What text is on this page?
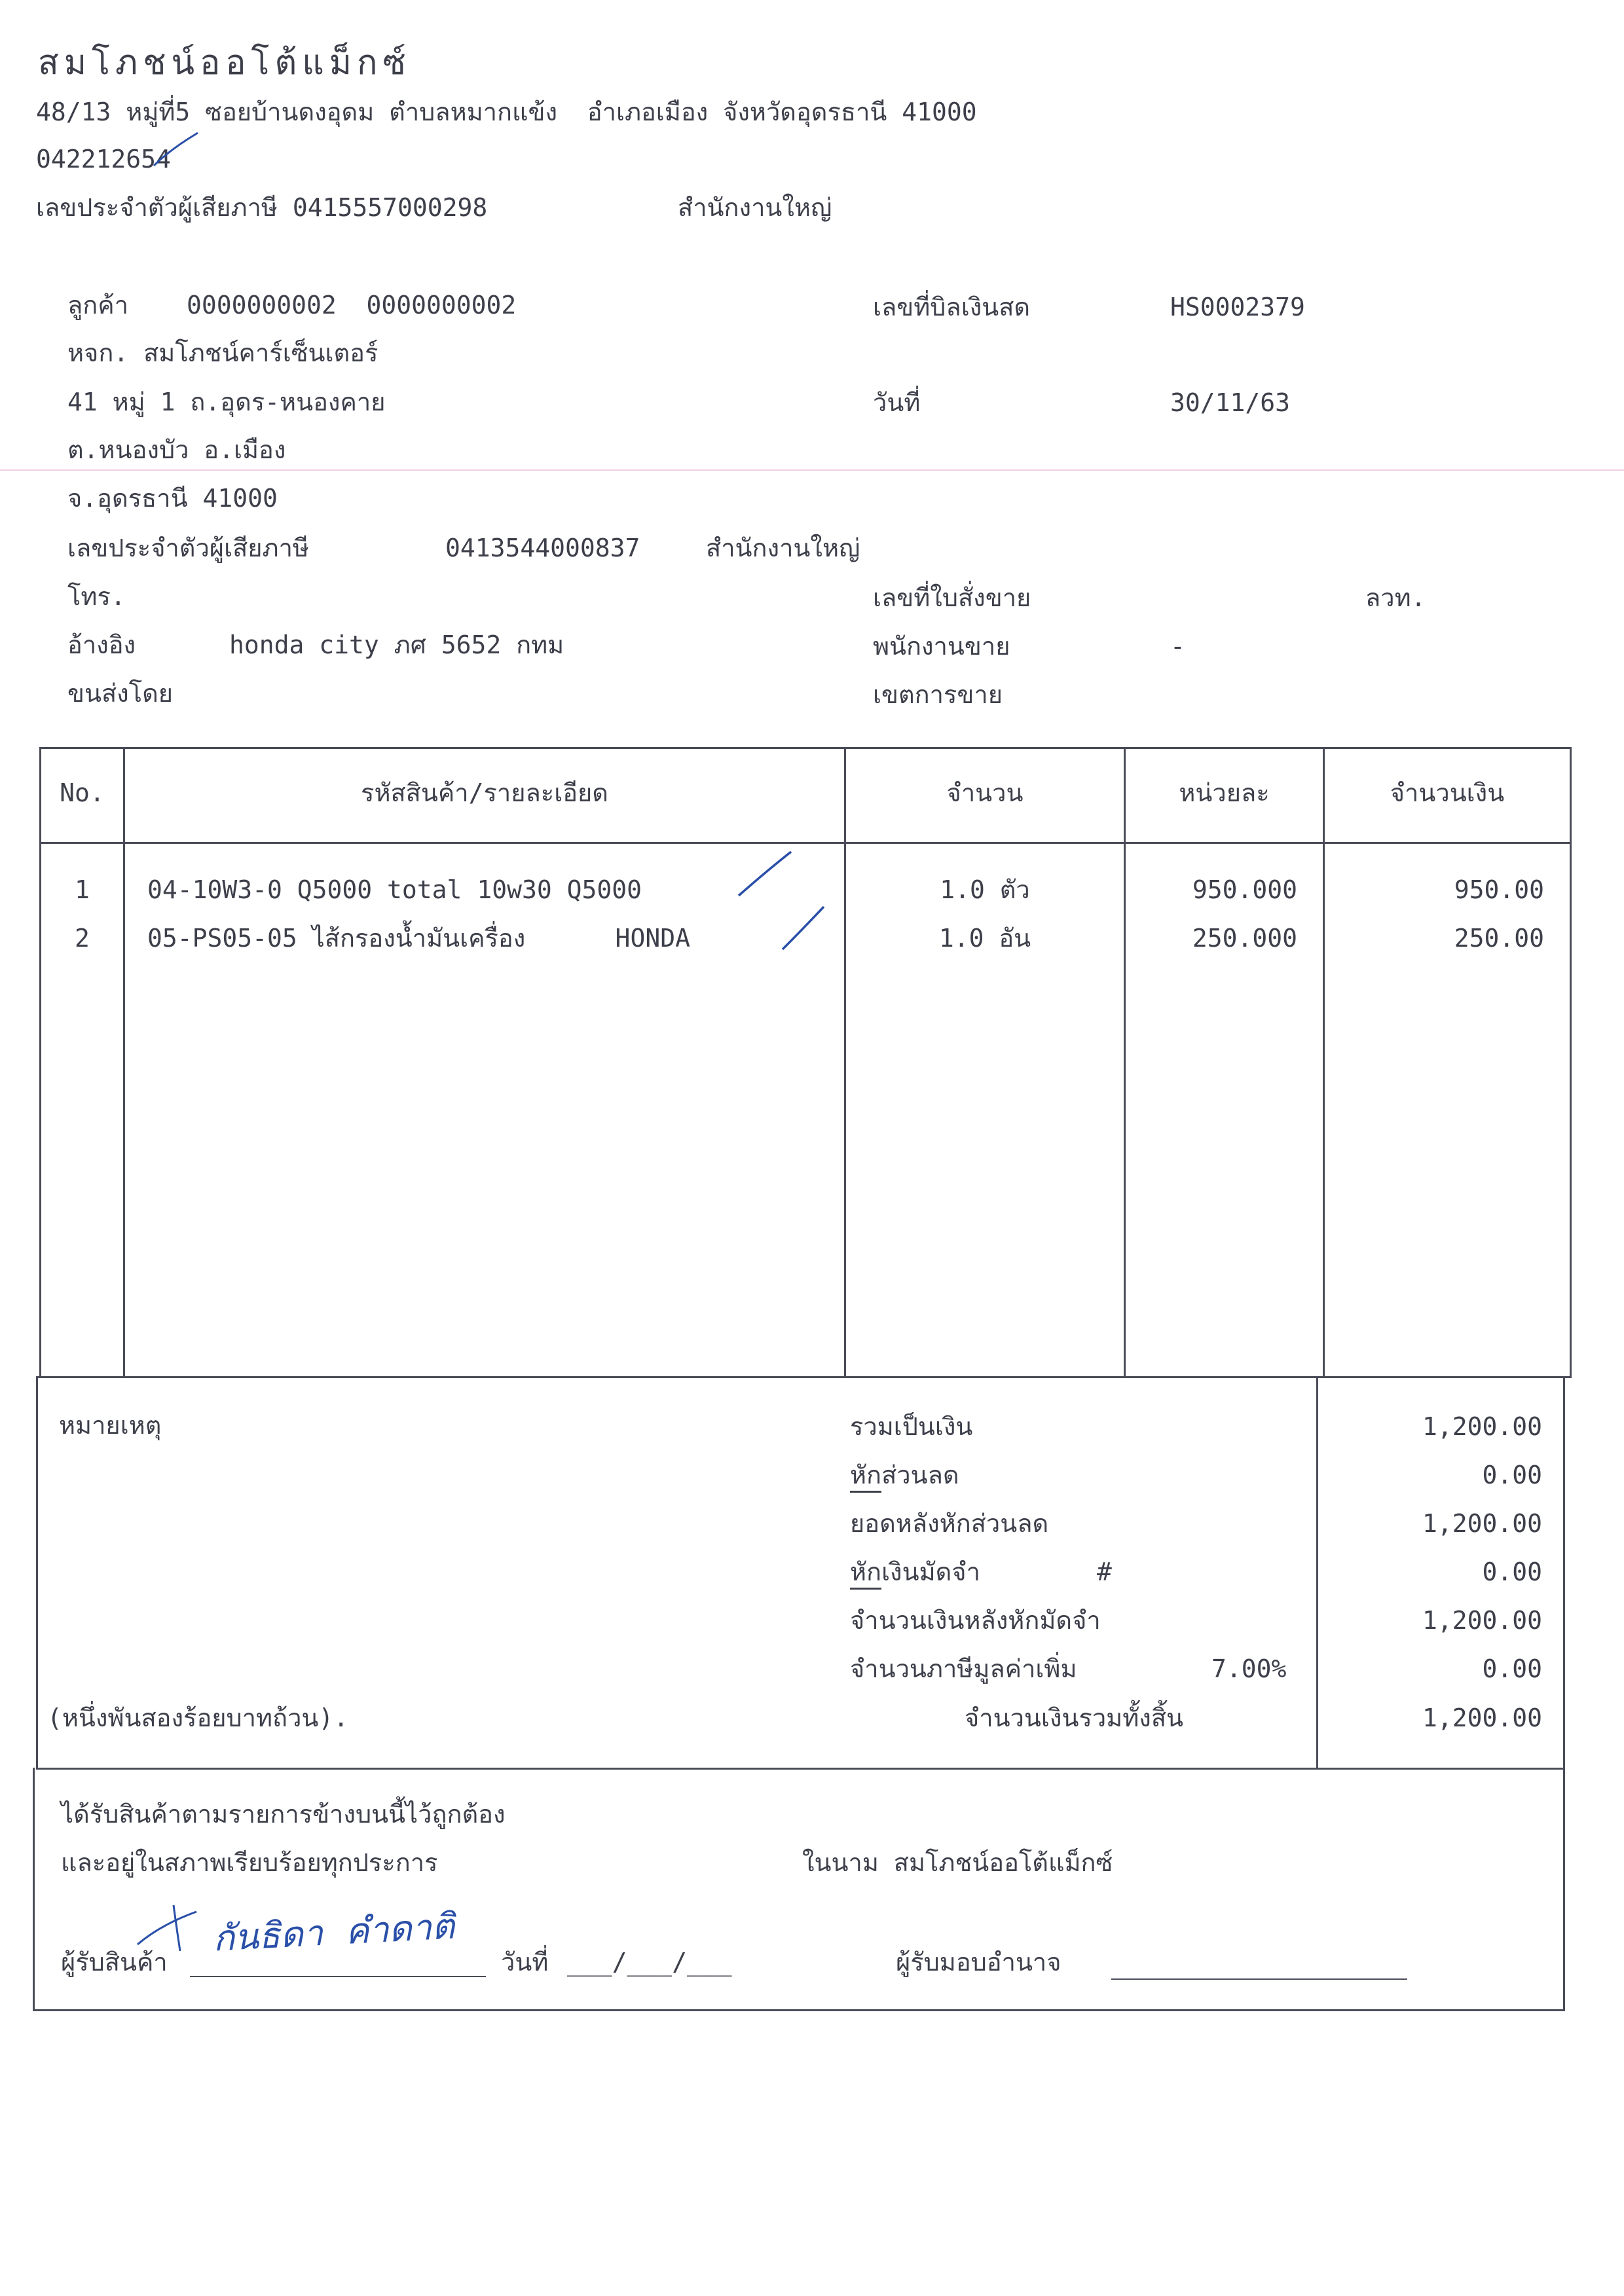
สมโภชน์ออโต้แม็กซ์
48/13 หมู่ที่5 ซอยบ้านดงอุดม ตำบลหมากแข้ง  อำเภอเมือง จังหวัดอุดรธานี 41000
042212654
เลขประจำตัวผู้เสียภาษี 0415557000298	สำนักงานใหญ่
ลูกค้า 0000000002  0000000002
หจก. สมโภชน์คาร์เซ็นเตอร์
41 หมู่ 1 ถ.อุดร-หนองคาย
ต.หนองบัว อ.เมือง
จ.อุดรธานี 41000
เลขประจำตัวผู้เสียภาษี	0413544000837	สำนักงานใหญ่
โทร.
อ้างอิง	honda city ภศ 5652 กทม
ขนส่งโดย
เลขที่บิลเงินสด	HS0002379
วันที่	30/11/63
เลขที่ใบสั่งขาย	ลวท.
พนักงานขาย	-
เขตการขาย
No.	รหัสสินค้า/รายละเอียด	จำนวน	หน่วยละ	จำนวนเงิน
1	04-10W3-0 Q5000 total 10w30 Q5000	1.0 ตัว	950.000	950.00
2	05-PS05-05 ไส้กรองน้ำมันเครื่อง      HONDA	1.0 อัน	250.000	250.00
หมายเหตุ	รวมเป็นเงิน	1,200.00
หักส่วนลด	0.00
ยอดหลังหักส่วนลด	1,200.00
หักเงินมัดจำ	#	0.00
จำนวนเงินหลังหักมัดจำ	1,200.00
จำนวนภาษีมูลค่าเพิ่ม	7.00%	0.00
(หนึ่งพันสองร้อยบาทถ้วน).	จำนวนเงินรวมทั้งสิ้น	1,200.00
ได้รับสินค้าตามรายการข้างบนนี้ไว้ถูกต้อง
และอยู่ในสภาพเรียบร้อยทุกประการ	ในนาม สมโภชน์ออโต้แม็กซ์
ผู้รับสินค้า
กันธิดา  คำดาติ
วันที่ ___/___/___	ผู้รับมอบอำนาจ
